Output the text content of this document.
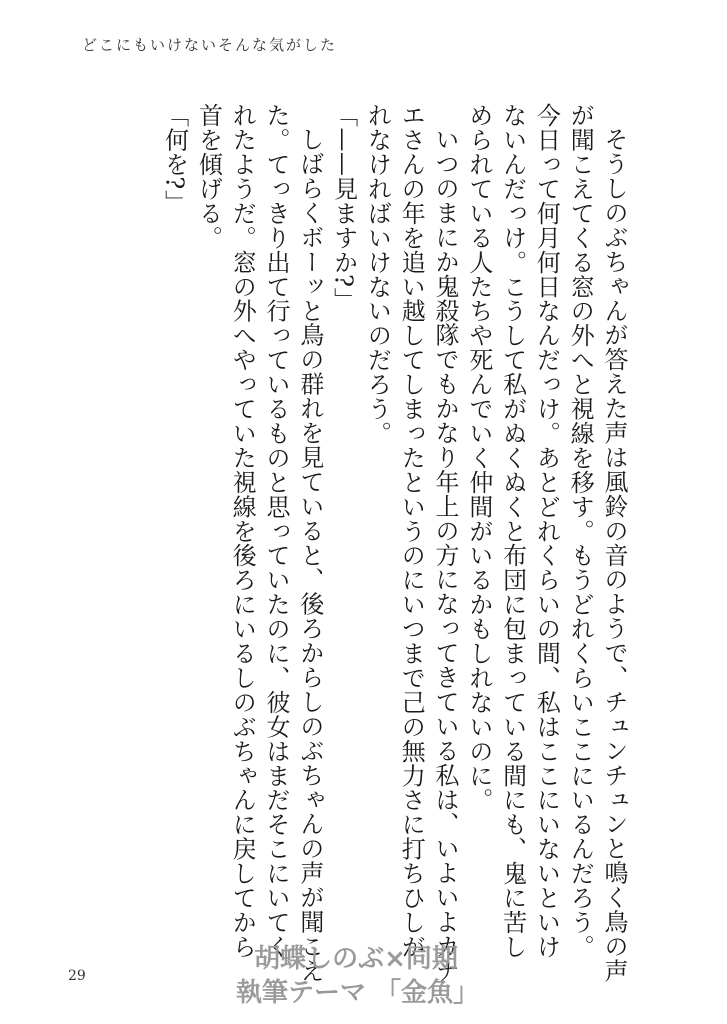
どこにもいけないそんな気がした

そうしのぶちゃんが答えた声は風鈴の音のようで、チュンチュンと鳴く鳥の声が聞こえてくる窓の外へと視線を移す。もうどれくらいここにいるんだろう。今日って何月何日なんだっけ。あとどれくらいの間、私はここにいないといけないんだっけ。こうして私がぬくぬくと布団に包まっている間にも、鬼に苦しめられている人たちや死んでいく仲間がいるかもしれないのに。

いつのまにか鬼殺隊でもかなり年上の方になってきている私は、いよいよカナエさんの年を追い越してしまったというのにいつまで己の無力さに打ちひしがれなければいけないのだろう。

「——見ますか?」

しばらくボーッと鳥の群れを見ていると、後ろからしのぶちゃんの声が聞こえた。てっきり出て行っているものと思っていたのに、彼女はまだそこにいてくれたようだ。窓の外へやっていた視線を後ろにいるしのぶちゃんに戻してから首を傾げる。

「何を?」

29
胡蝶しのぶ×同期
執筆テーマ 「金魚」
